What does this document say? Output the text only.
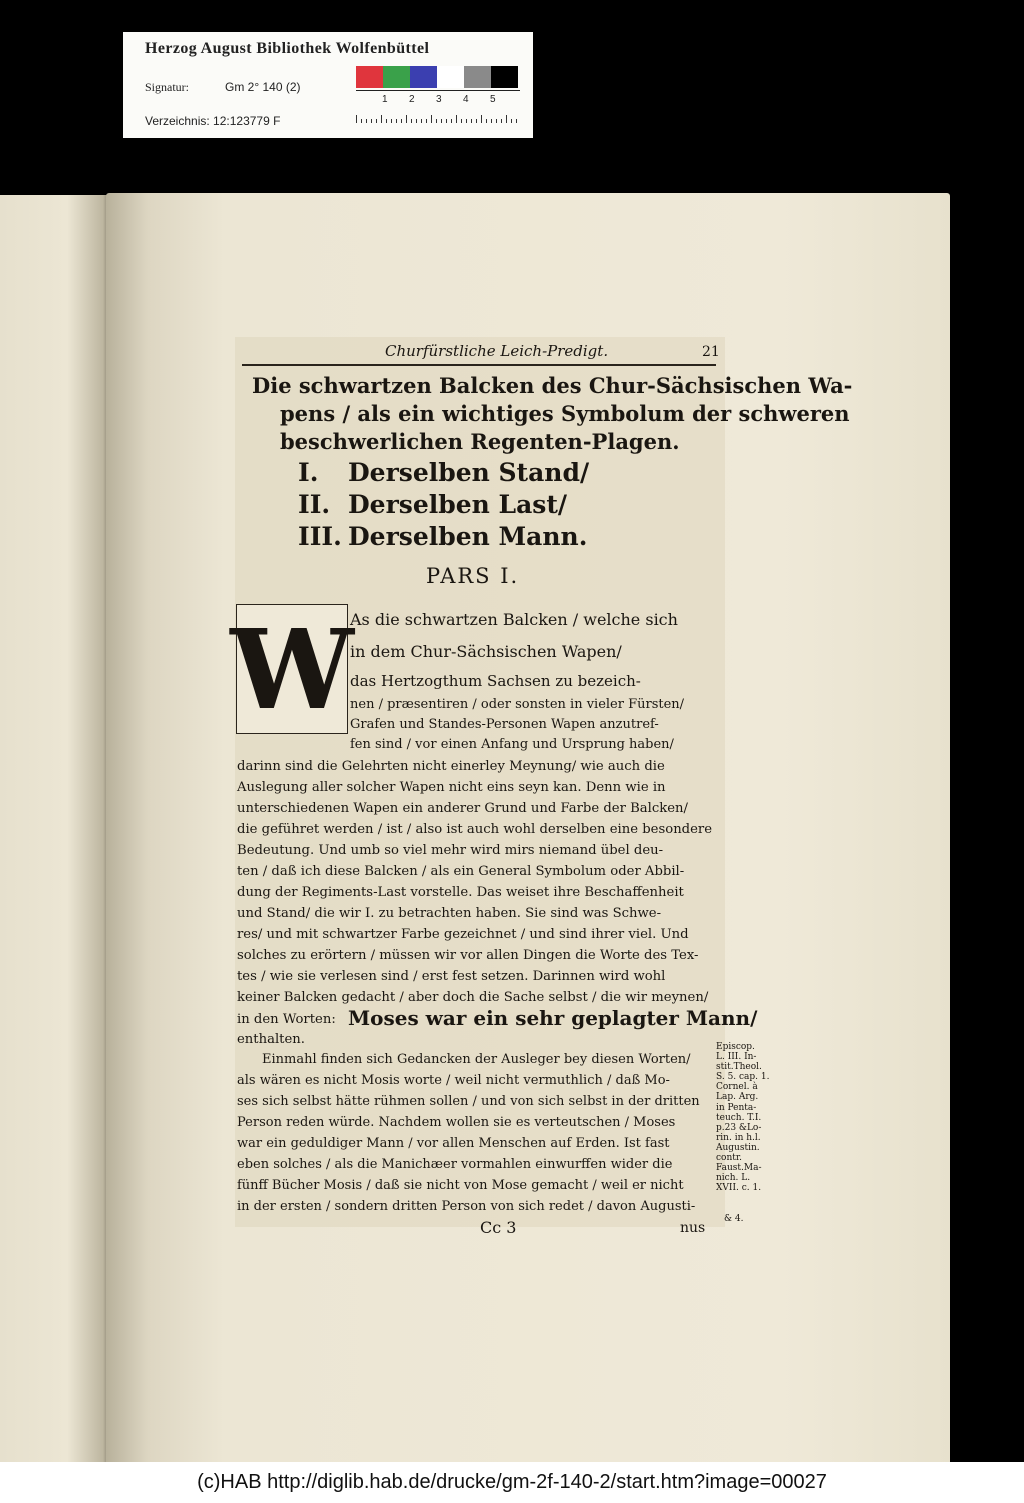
Herzog August Bibliothek Wolfenbüttel
Signatur:	Gm 2° 140 (2)
Verzeichnis: 12:123779 F
1 2 3 4 5
Churfürstliche Leich-Predigt.	21
Die schwartzen Balcken des Chur-Sächsischen Wa-
pens / als ein wichtiges Symbolum der schweren
beschwerlichen Regenten-Plagen.
I. Derselben Stand/
II. Derselben Last/
III. Derselben Mann.
PARS I.
W
As die schwartzen Balcken / welche sich
in dem Chur-Sächsischen Wapen/
das Hertzogthum Sachsen zu bezeich-
nen / præsentiren / oder sonsten in vieler Fürsten/
Grafen und Standes-Personen Wapen anzutref-
fen sind / vor einen Anfang und Ursprung haben/
darinn sind die Gelehrten nicht einerley Meynung/ wie auch die
Auslegung aller solcher Wapen nicht eins seyn kan. Denn wie in
unterschiedenen Wapen ein anderer Grund und Farbe der Balcken/
die geführet werden / ist / also ist auch wohl derselben eine besondere
Bedeutung. Und umb so viel mehr wird mirs niemand übel deu-
ten / daß ich diese Balcken / als ein General Symbolum oder Abbil-
dung der Regiments-Last vorstelle. Das weiset ihre Beschaffenheit
und Stand/ die wir I. zu betrachten haben. Sie sind was Schwe-
res/ und mit schwartzer Farbe gezeichnet / und sind ihrer viel. Und
solches zu erörtern / müssen wir vor allen Dingen die Worte des Tex-
tes / wie sie verlesen sind / erst fest setzen. Darinnen wird wohl
keiner Balcken gedacht / aber doch die Sache selbst / die wir meynen/
in den Worten: Moses war ein sehr geplagter Mann/
enthalten.
Einmahl finden sich Gedancken der Ausleger bey diesen Worten/
als wären es nicht Mosis worte / weil nicht vermuthlich / daß Mo-
ses sich selbst hätte rühmen sollen / und von sich selbst in der dritten
Person reden würde. Nachdem wollen sie es verteutschen / Moses
war ein geduldiger Mann / vor allen Menschen auf Erden. Ist fast
eben solches / als die Manichæer vormahlen einwurffen wider die
fünff Bücher Mosis / daß sie nicht von Mose gemacht / weil er nicht
in der ersten / sondern dritten Person von sich redet / davon Augusti-
Cc 3	nus
Episcop.
L. III. In-
stit.Theol.
S. 5. cap. 1.
Cornel. à
Lap. Arg.
in Penta-
teuch. T.I.
p.23 &Lo-
rin. in h.l.
Augustin.
contr.
Faust.Ma-
nich. L.
XVII. c. 1.
& 4.
(c)HAB http://diglib.hab.de/drucke/gm-2f-140-2/start.htm?image=00027
